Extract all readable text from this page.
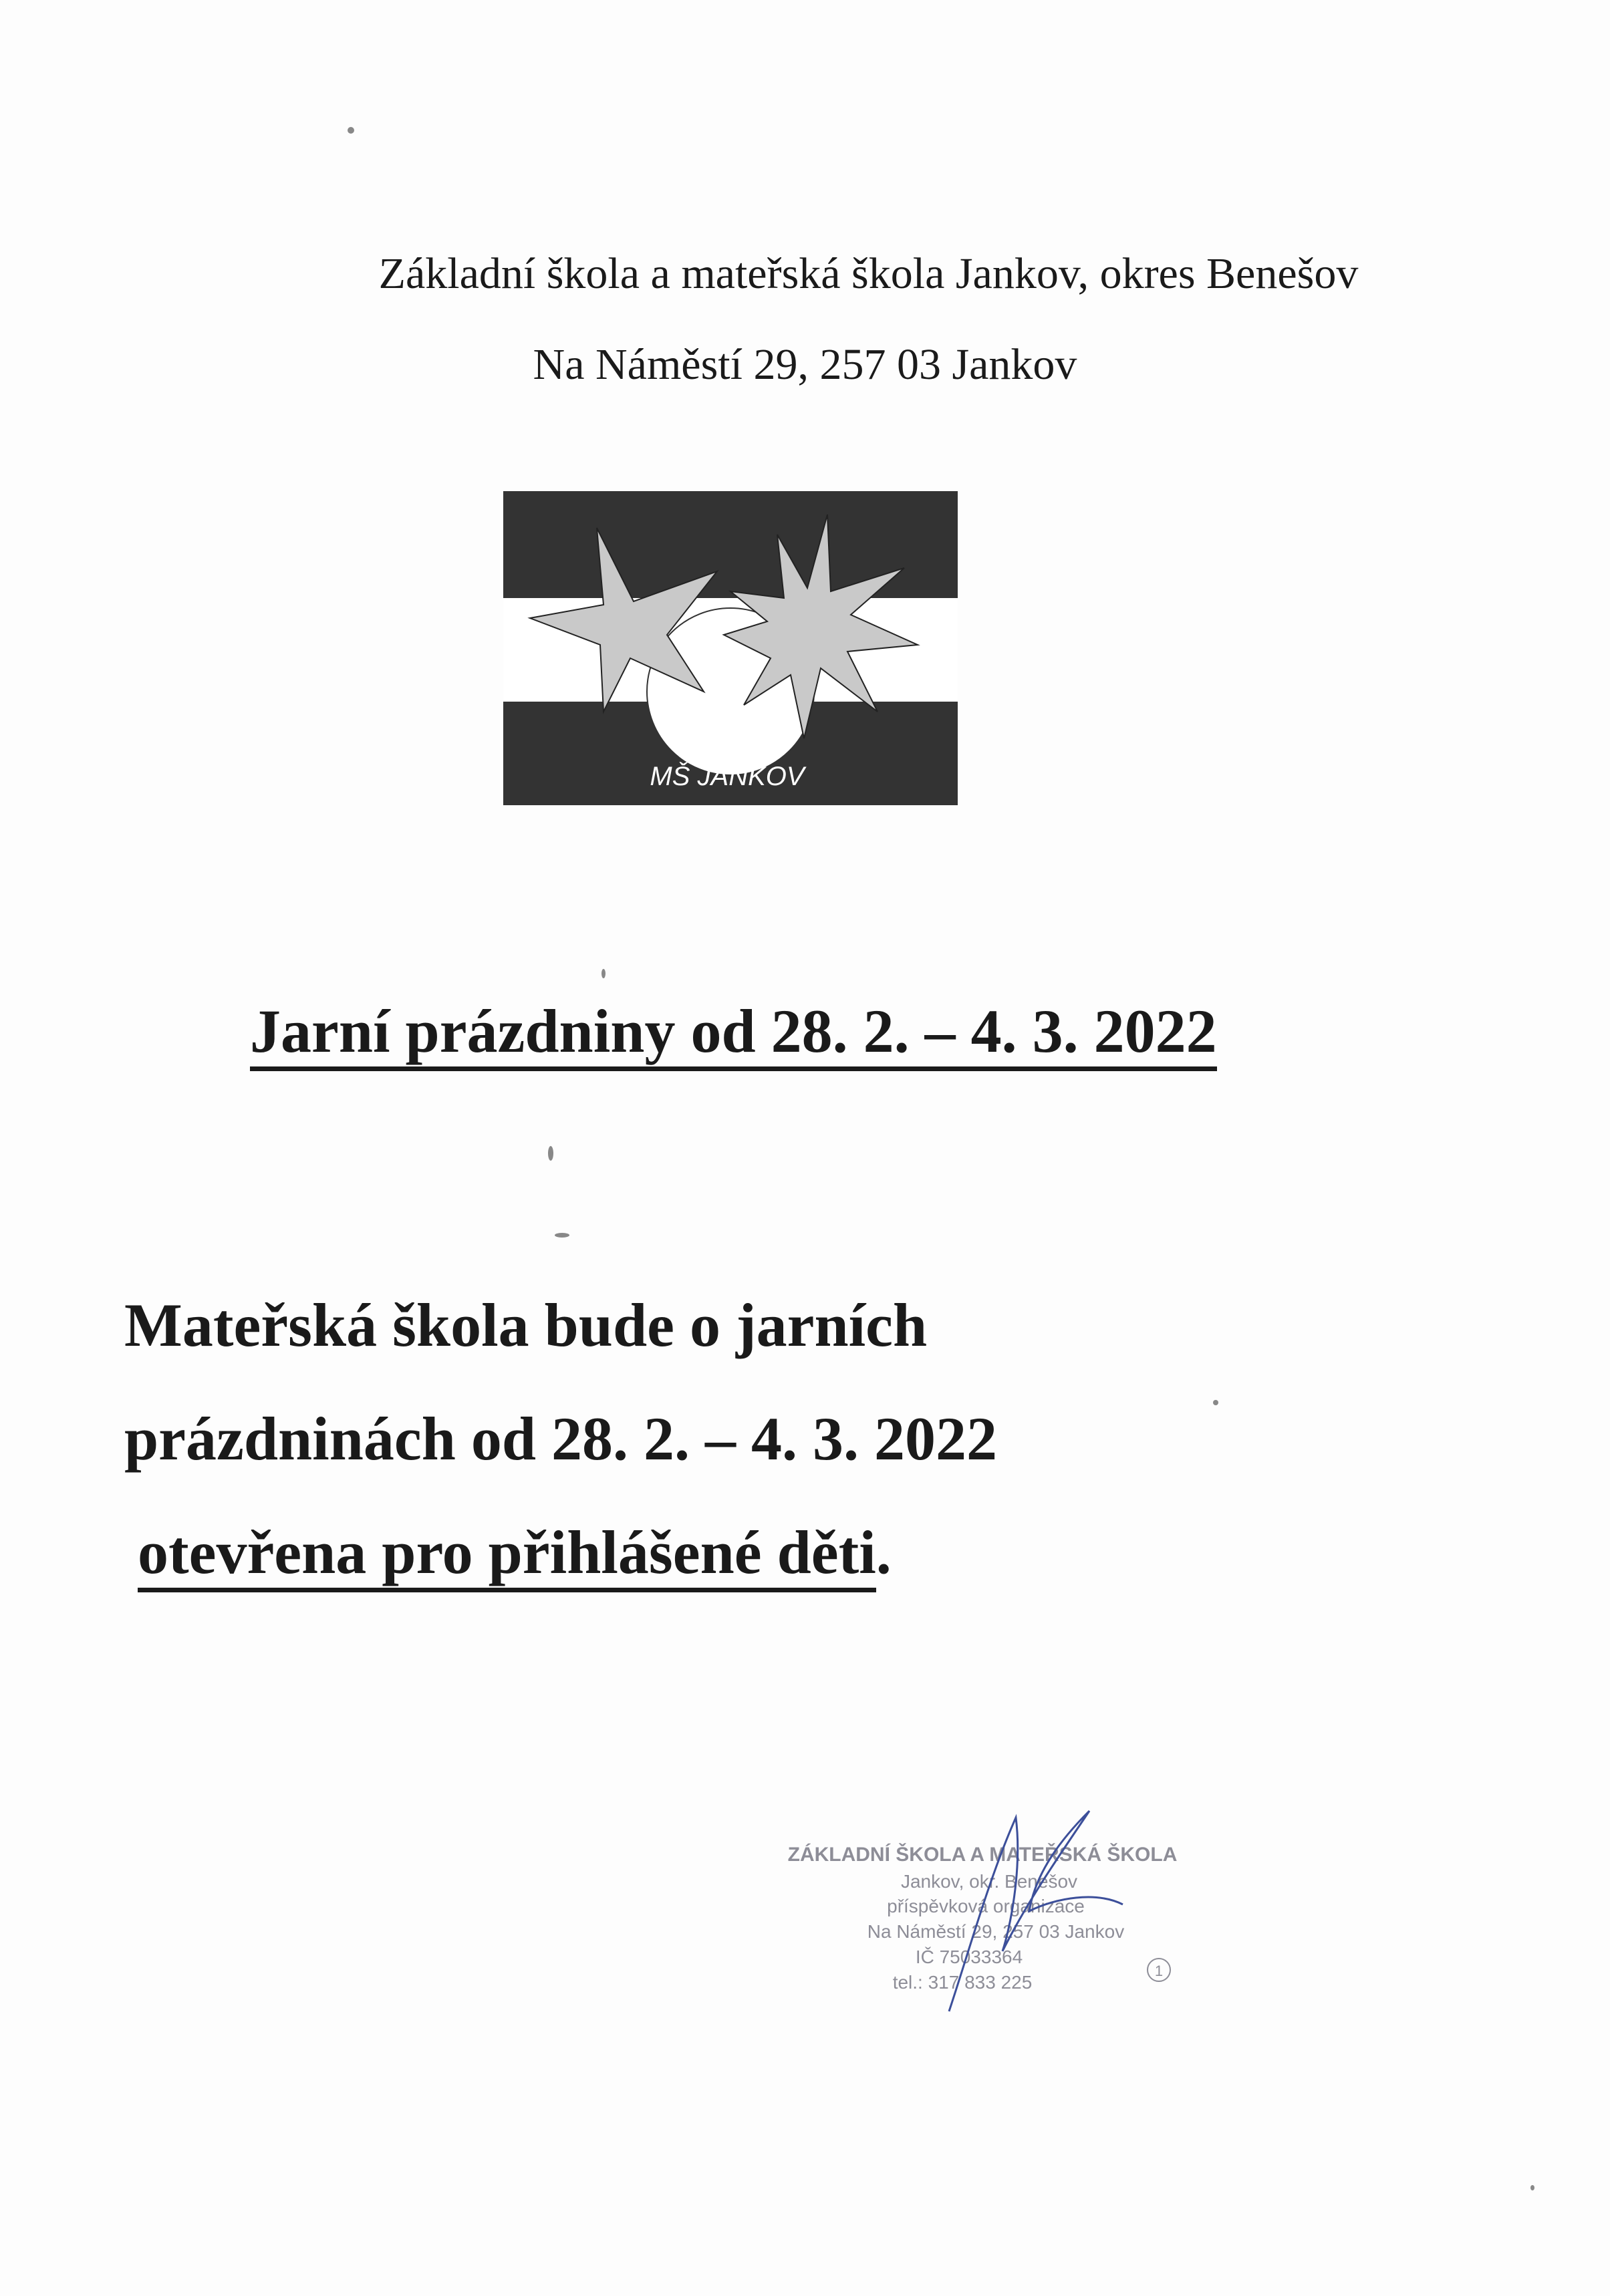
Základní škola a mateřská škola Jankov, okres Benešov
Na Náměstí 29, 257 03 Jankov
MŠ JANKOV
Jarní prázdniny od 28. 2. – 4. 3. 2022
Mateřská škola bude o jarních
prázdninách od 28. 2. – 4. 3. 2022
otevřena pro přihlášené děti.
ZÁKLADNÍ ŠKOLA A MATEŘSKÁ ŠKOLA
Jankov, okr. Benešov
příspěvková organizace
Na Náměstí 29, 257 03 Jankov
IČ 75033364
tel.: 317 833 225
1
